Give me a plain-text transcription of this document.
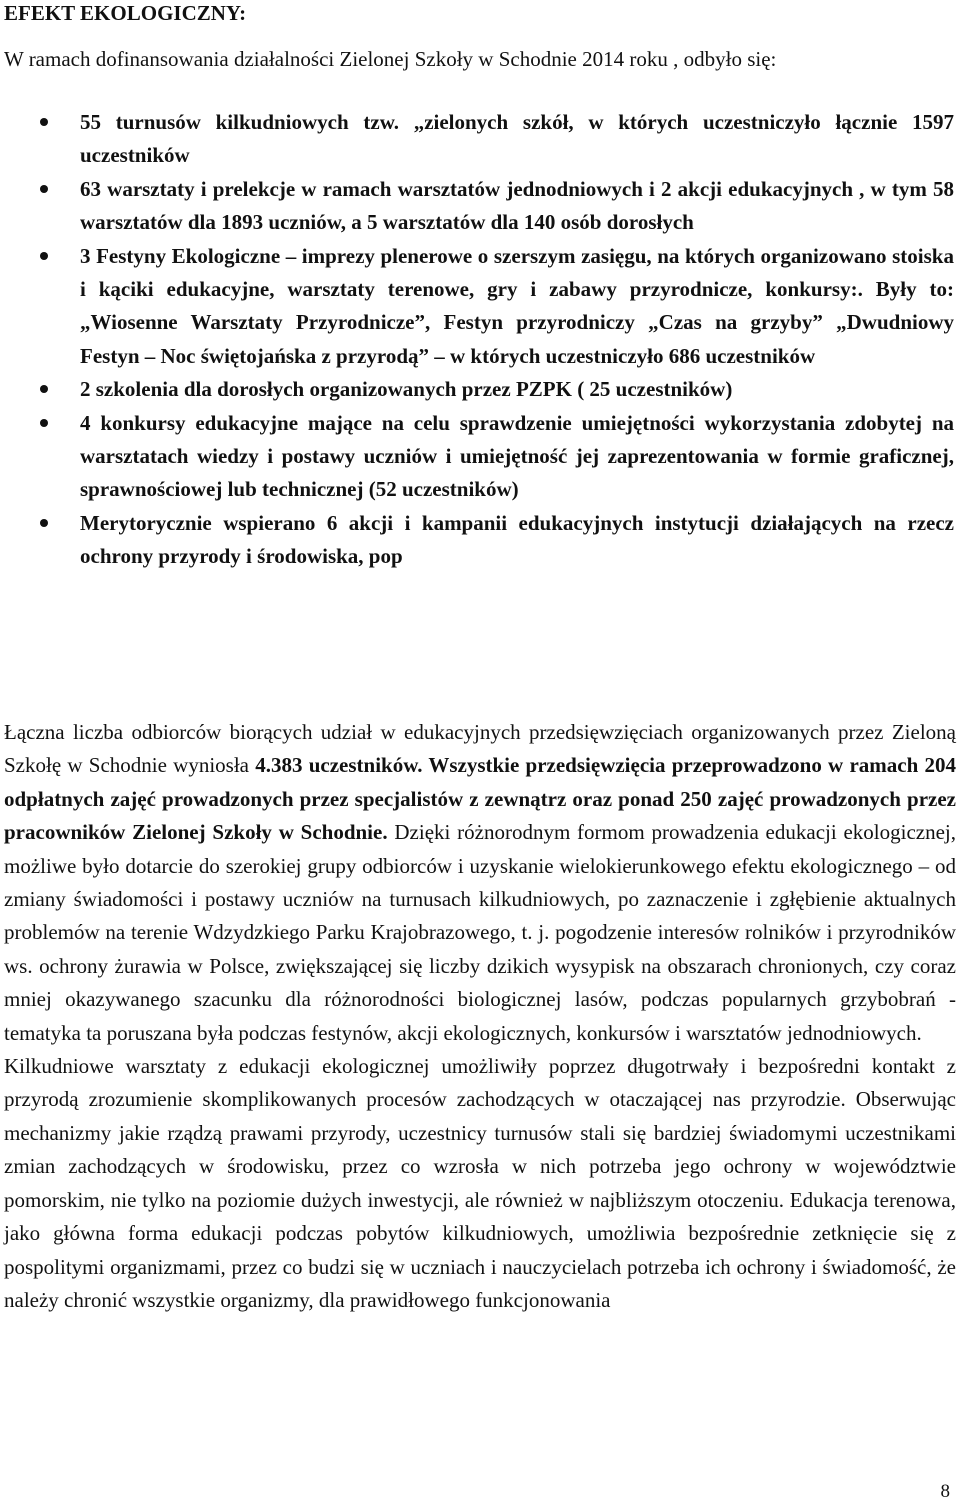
EFEKT EKOLOGICZNY:

W ramach dofinansowania działalności Zielonej Szkoły w Schodnie 2014 roku , odbyło się:

55 turnusów kilkudniowych tzw. „zielonych szkół, w których uczestniczyło łącznie 1597 uczestników
63 warsztaty i prelekcje w ramach warsztatów jednodniowych i 2 akcji edukacyjnych , w tym 58 warsztatów dla 1893 uczniów, a 5 warsztatów dla 140 osób dorosłych
3 Festyny Ekologiczne – imprezy plenerowe o szerszym zasięgu, na których organizowano stoiska i kąciki edukacyjne, warsztaty terenowe, gry i zabawy przyrodnicze, konkursy:. Były to: „Wiosenne Warsztaty Przyrodnicze”, Festyn przyrodniczy „Czas na grzyby” „Dwudniowy Festyn – Noc świętojańska z przyrodą” – w których uczestniczyło 686 uczestników
2 szkolenia dla dorosłych organizowanych przez PZPK ( 25 uczestników)
4 konkursy edukacyjne mające na celu sprawdzenie umiejętności wykorzystania zdobytej na warsztatach wiedzy i postawy uczniów i umiejętność jej zaprezentowania w formie graficznej, sprawnościowej lub technicznej (52 uczestników)
Merytorycznie wspierano 6 akcji i kampanii edukacyjnych instytucji działających na rzecz ochrony przyrody i środowiska, pop

Łączna liczba odbiorców biorących udział w edukacyjnych przedsięwzięciach organizowanych przez Zieloną Szkołę w Schodnie wyniosła 4.383 uczestników. Wszystkie przedsięwzięcia przeprowadzono w ramach 204 odpłatnych zajęć prowadzonych przez specjalistów z zewnątrz oraz ponad 250 zajęć prowadzonych przez pracowników Zielonej Szkoły w Schodnie. Dzięki różnorodnym formom prowadzenia edukacji ekologicznej, możliwe było dotarcie do szerokiej grupy odbiorców i uzyskanie wielokierunkowego efektu ekologicznego – od zmiany świadomości i postawy uczniów na turnusach kilkudniowych, po zaznaczenie i zgłębienie aktualnych problemów na terenie Wdzydzkiego Parku Krajobrazowego, t. j. pogodzenie interesów rolników i przyrodników ws. ochrony żurawia w Polsce, zwiększającej się liczby dzikich wysypisk na obszarach chronionych, czy coraz mniej okazywanego szacunku dla różnorodności biologicznej lasów, podczas popularnych grzybobrań - tematyka ta poruszana była podczas festynów, akcji ekologicznych, konkursów i warsztatów jednodniowych.

Kilkudniowe warsztaty z edukacji ekologicznej umożliwiły poprzez długotrwały i bezpośredni kontakt z przyrodą zrozumienie skomplikowanych procesów zachodzących w otaczającej nas przyrodzie. Obserwując mechanizmy jakie rządzą prawami przyrody, uczestnicy turnusów stali się bardziej świadomymi uczestnikami zmian zachodzących w środowisku, przez co wzrosła w nich potrzeba jego ochrony w województwie pomorskim, nie tylko na poziomie dużych inwestycji, ale również w najbliższym otoczeniu. Edukacja terenowa, jako główna forma edukacji podczas pobytów kilkudniowych, umożliwia bezpośrednie zetknięcie się z pospolitymi organizmami, przez co budzi się w uczniach i nauczycielach potrzeba ich ochrony i świadomość, że należy chronić wszystkie organizmy, dla prawidłowego funkcjonowania

8
